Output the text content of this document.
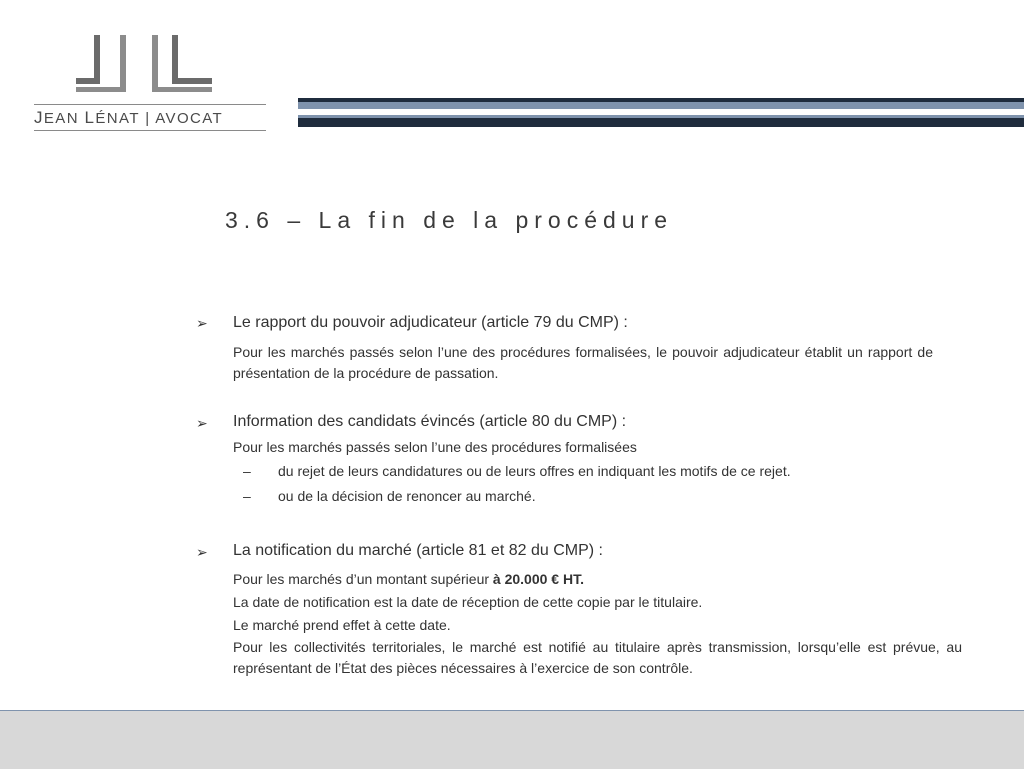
JEAN LÉNAT | AVOCAT
3.6 – La fin de la procédure
➢ Le rapport du pouvoir adjudicateur (article 79 du CMP) :
Pour les marchés passés selon l’une des procédures formalisées, le pouvoir adjudicateur établit un rapport de présentation de la procédure de passation.
➢ Information des candidats évincés (article 80 du CMP) :
Pour les marchés passés selon l’une des procédures formalisées
– du rejet de leurs candidatures ou de leurs offres en indiquant les motifs de ce rejet.
– ou de la décision de renoncer au marché.
➢ La notification du marché (article 81 et 82 du CMP) :
Pour les marchés d’un montant supérieur à 20.000 € HT.
La date de notification est la date de réception de cette copie par le titulaire.
Le marché prend effet à cette date.
Pour les collectivités territoriales, le marché est notifié au titulaire après transmission, lorsqu’elle est prévue, au représentant de l’État des pièces nécessaires à l’exercice de son contrôle.
